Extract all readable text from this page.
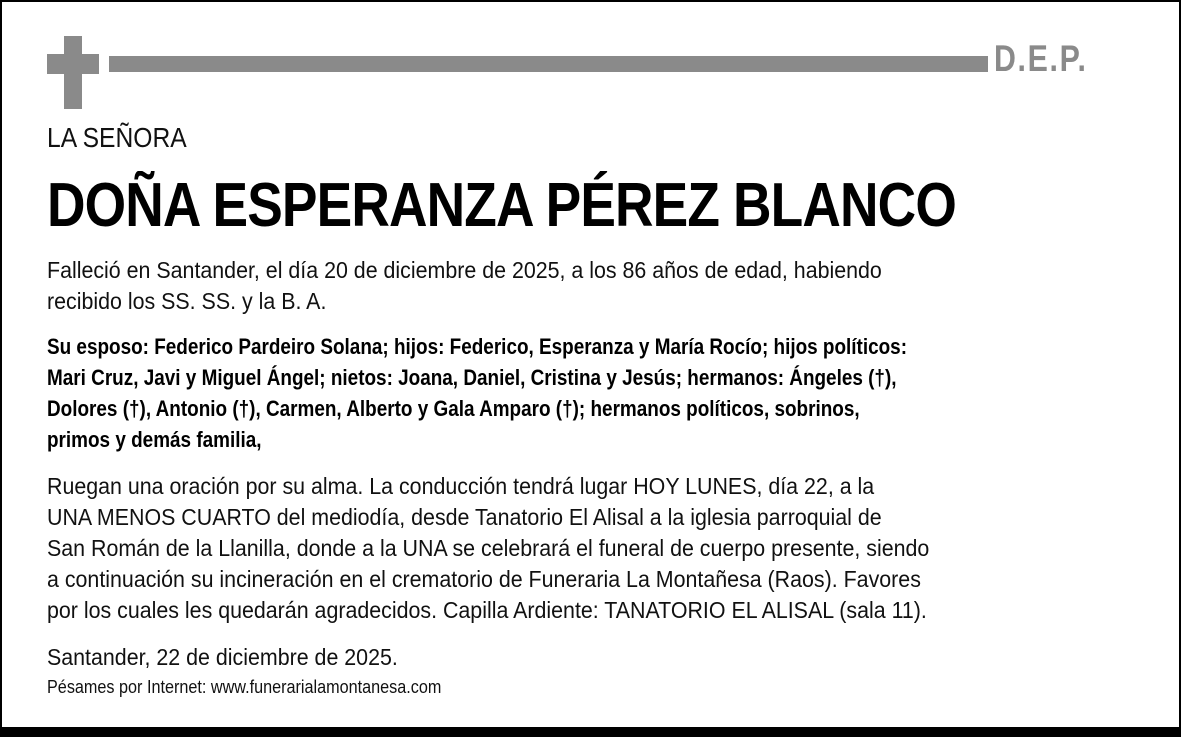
D.E.P.
LA SEÑORA
DOÑA ESPERANZA PÉREZ BLANCO
Falleció en Santander, el día 20 de diciembre de 2025, a los 86 años de edad, habiendo
recibido los SS. SS. y la B. A.
Su esposo: Federico Pardeiro Solana; hijos: Federico, Esperanza y María Rocío; hijos políticos:
Mari Cruz, Javi y Miguel Ángel; nietos: Joana, Daniel, Cristina y Jesús; hermanos: Ángeles (†),
Dolores (†), Antonio (†), Carmen, Alberto y Gala Amparo (†); hermanos políticos, sobrinos,
primos y demás familia,
Ruegan una oración por su alma. La conducción tendrá lugar HOY LUNES, día 22, a la
UNA MENOS CUARTO del mediodía, desde Tanatorio El Alisal a la iglesia parroquial de
San Román de la Llanilla, donde a la UNA se celebrará el funeral de cuerpo presente, siendo
a continuación su incineración en el crematorio de Funeraria La Montañesa (Raos). Favores
por los cuales les quedarán agradecidos. Capilla Ardiente: TANATORIO EL ALISAL (sala 11).
Santander, 22 de diciembre de 2025.
Pésames por Internet: www.funerarialamontanesa.com
